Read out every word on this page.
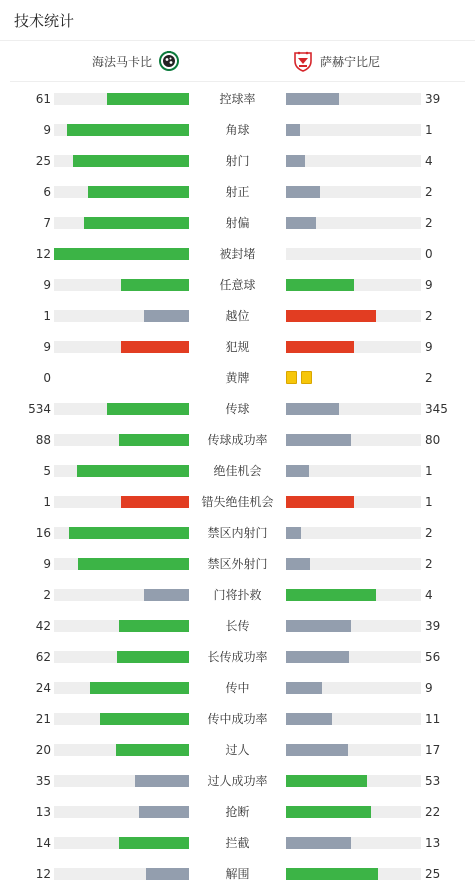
技术统计
海法马卡比	萨赫宁比尼
61	控球率	39
9	角球	1
25	射门	4
6	射正	2
7	射偏	2
12	被封堵	0
9	任意球	9
1	越位	2
9	犯规	9
0	黄牌	2
534	传球	345
88	传球成功率	80
5	绝佳机会	1
1	错失绝佳机会	1
16	禁区内射门	2
9	禁区外射门	2
2	门将扑救	4
42	长传	39
62	长传成功率	56
24	传中	9
21	传中成功率	11
20	过人	17
35	过人成功率	53
13	抢断	22
14	拦截	13
12	解围	25
